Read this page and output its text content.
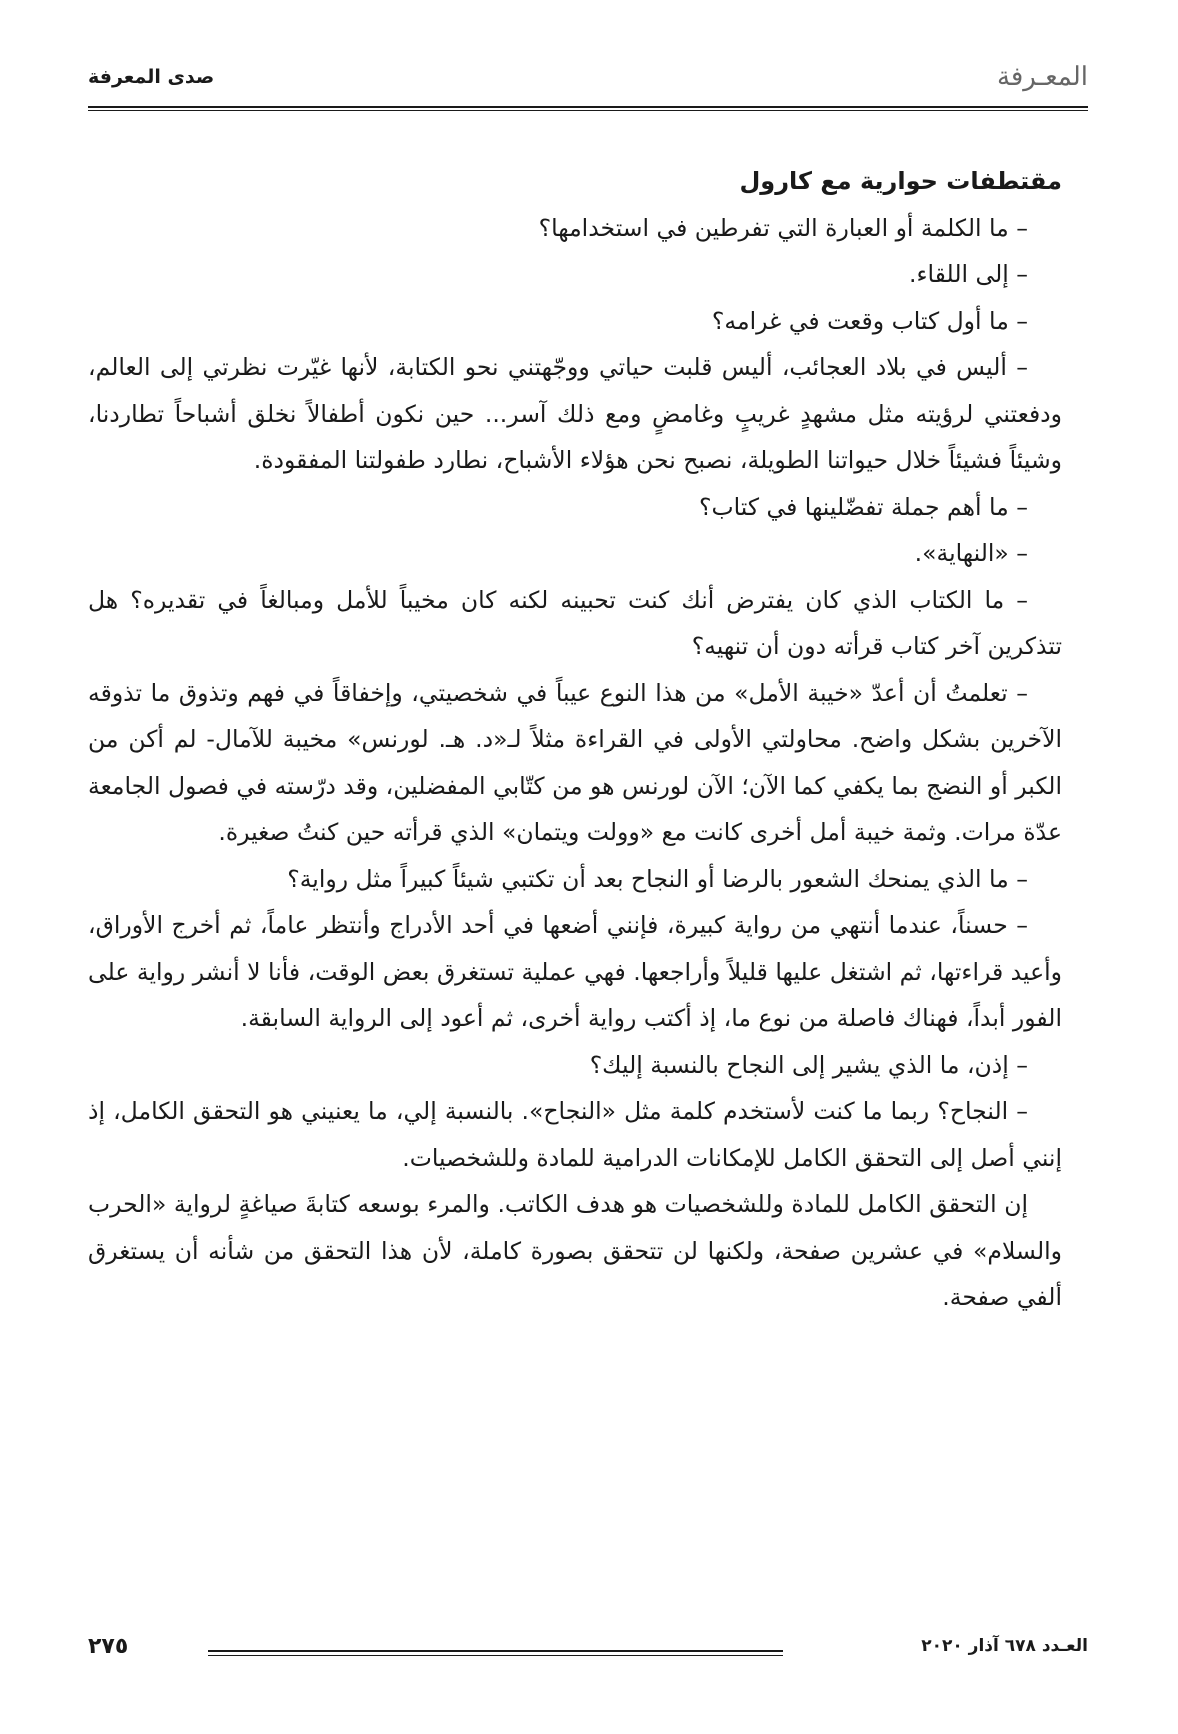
المعـرفة
صدى المعرفة

مقتطفات حوارية مع كارول

– ما الكلمة أو العبارة التي تفرطين في استخدامها؟

– إلى اللقاء.

– ما أول كتاب وقعت في غرامه؟

– أليس في بلاد العجائب، أليس قلبت حياتي ووجّهتني نحو الكتابة، لأنها غيّرت نظرتي إلى العالم، ودفعتني لرؤيته مثل مشهدٍ غريبٍ وغامضٍ ومع ذلك آسر... حين نكون أطفالاً نخلق أشباحاً تطاردنا، وشيئاً فشيئاً خلال حيواتنا الطويلة، نصبح نحن هؤلاء الأشباح، نطارد طفولتنا المفقودة.

– ما أهم جملة تفضّلينها في كتاب؟

– «النهاية».

– ما الكتاب الذي كان يفترض أنك كنت تحبينه لكنه كان مخيباً للأمل ومبالغاً في تقديره؟ هل تتذكرين آخر كتاب قرأته دون أن تنهيه؟

– تعلمتُ أن أعدّ «خيبة الأمل» من هذا النوع عيباً في شخصيتي، وإخفاقاً في فهم وتذوق ما تذوقه الآخرين بشكل واضح. محاولتي الأولى في القراءة مثلاً لـ«د. هـ. لورنس» مخيبة للآمال- لم أكن من الكبر أو النضج بما يكفي كما الآن؛ الآن لورنس هو من كتّابي المفضلين، وقد درّسته في فصول الجامعة عدّة مرات. وثمة خيبة أمل أخرى كانت مع «وولت ويتمان» الذي قرأته حين كنتُ صغيرة.

– ما الذي يمنحك الشعور بالرضا أو النجاح بعد أن تكتبي شيئاً كبيراً مثل رواية؟

– حسناً، عندما أنتهي من رواية كبيرة، فإنني أضعها في أحد الأدراج وأنتظر عاماً، ثم أخرج الأوراق، وأعيد قراءتها، ثم اشتغل عليها قليلاً وأراجعها. فهي عملية تستغرق بعض الوقت، فأنا لا أنشر رواية على الفور أبداً، فهناك فاصلة من نوع ما، إذ أكتب رواية أخرى، ثم أعود إلى الرواية السابقة.

– إذن، ما الذي يشير إلى النجاح بالنسبة إليك؟

– النجاح؟ ربما ما كنت لأستخدم كلمة مثل «النجاح». بالنسبة إلي، ما يعنيني هو التحقق الكامل، إذ إنني أصل إلى التحقق الكامل للإمكانات الدرامية للمادة وللشخصيات.

إن التحقق الكامل للمادة وللشخصيات هو هدف الكاتب. والمرء بوسعه كتابةَ صياغةٍ لرواية «الحرب والسلام» في عشرين صفحة، ولكنها لن تتحقق بصورة كاملة، لأن هذا التحقق من شأنه أن يستغرق ألفي صفحة.

العـدد ٦٧٨ آذار ٢٠٢٠
٢٧٥
